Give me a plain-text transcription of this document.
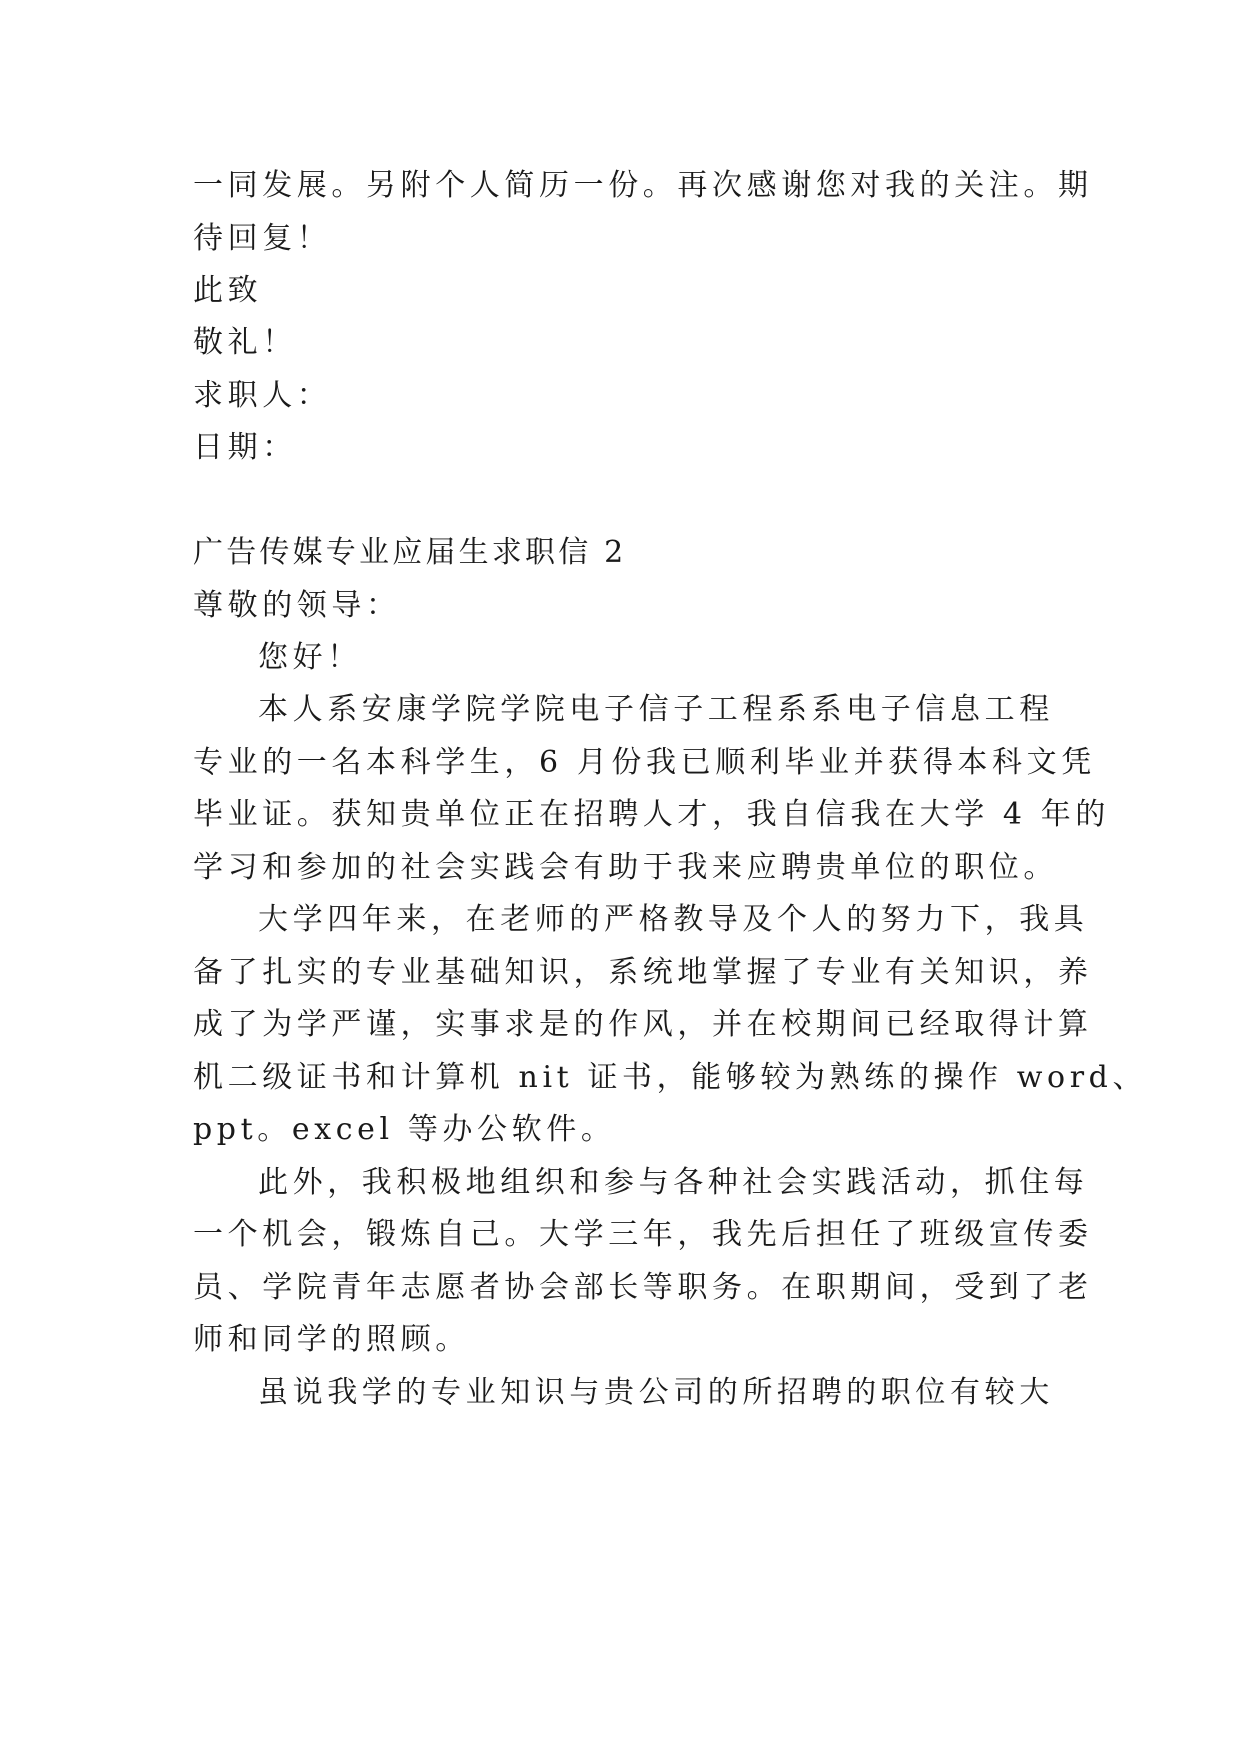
一同发展。另附个人简历一份。再次感谢您对我的关注。期
待回复！
此致
敬礼！
求职人：
日期：
广告传媒专业应届生求职信 2
尊敬的领导：
您好！
本人系安康学院学院电子信子工程系系电子信息工程
专业的一名本科学生，6 月份我已顺利毕业并获得本科文凭
毕业证。获知贵单位正在招聘人才，我自信我在大学 4 年的
学习和参加的社会实践会有助于我来应聘贵单位的职位。
大学四年来，在老师的严格教导及个人的努力下，我具
备了扎实的专业基础知识，系统地掌握了专业有关知识，养
成了为学严谨，实事求是的作风，并在校期间已经取得计算
机二级证书和计算机 nit 证书，能够较为熟练的操作 word、
ppt。excel 等办公软件。
此外，我积极地组织和参与各种社会实践活动，抓住每
一个机会，锻炼自己。大学三年，我先后担任了班级宣传委
员、学院青年志愿者协会部长等职务。在职期间，受到了老
师和同学的照顾。
虽说我学的专业知识与贵公司的所招聘的职位有较大
